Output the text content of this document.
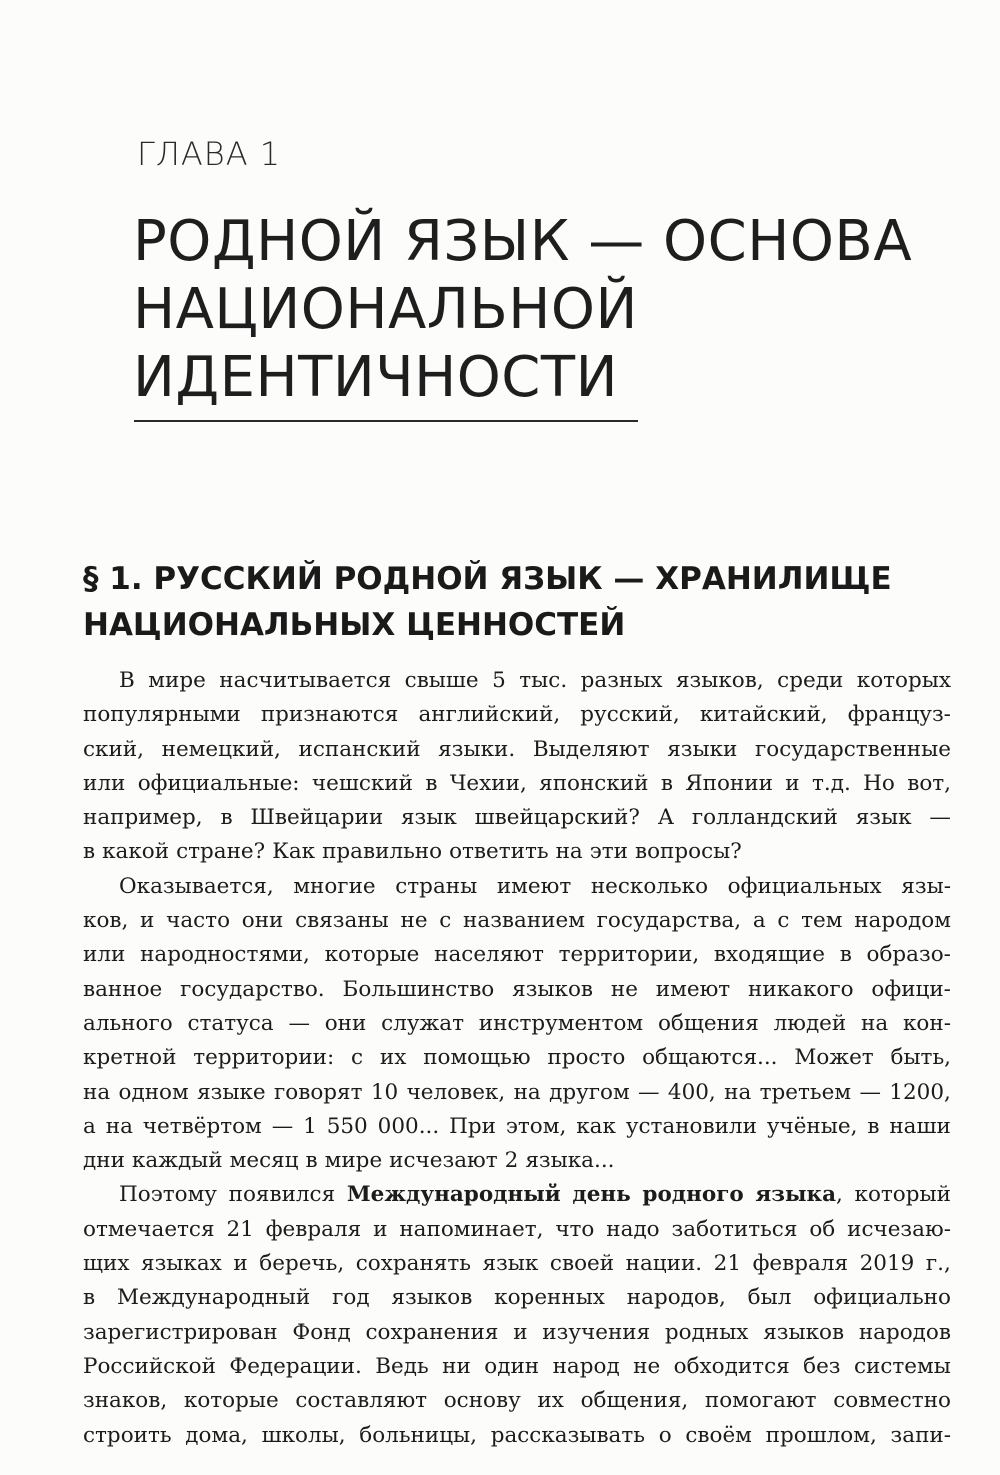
ГЛАВА 1
РОДНОЙ ЯЗЫК — ОСНОВА
НАЦИОНАЛЬНОЙ
ИДЕНТИЧНОСТИ
§ 1. РУССКИЙ РОДНОЙ ЯЗЫК — ХРАНИЛИЩЕ
НАЦИОНАЛЬНЫХ ЦЕННОСТЕЙ
В мире насчитывается свыше 5 тыс. разных языков, среди которых
популярными признаются английский, русский, китайский, француз-
ский, немецкий, испанский языки. Выделяют языки государственные
или официальные: чешский в Чехии, японский в Японии и т.д. Но вот,
например, в Швейцарии язык швейцарский? А голландский язык —
в какой стране? Как правильно ответить на эти вопросы?
Оказывается, многие страны имеют несколько официальных язы-
ков, и часто они связаны не с названием государства, а с тем народом
или народностями, которые населяют территории, входящие в образо-
ванное государство. Большинство языков не имеют никакого офици-
ального статуса — они служат инструментом общения людей на кон-
кретной территории: с их помощью просто общаются... Может быть,
на одном языке говорят 10 человек, на другом — 400, на третьем — 1200,
а на четвёртом — 1 550 000... При этом, как установили учёные, в наши
дни каждый месяц в мире исчезают 2 языка...
Поэтому появился Международный день родного языка, который
отмечается 21 февраля и напоминает, что надо заботиться об исчезаю-
щих языках и беречь, сохранять язык своей нации. 21 февраля 2019 г.,
в Международный год языков коренных народов, был официально
зарегистрирован Фонд сохранения и изучения родных языков народов
Российской Федерации. Ведь ни один народ не обходится без системы
знаков, которые составляют основу их общения, помогают совместно
строить дома, школы, больницы, рассказывать о своём прошлом, запи-
